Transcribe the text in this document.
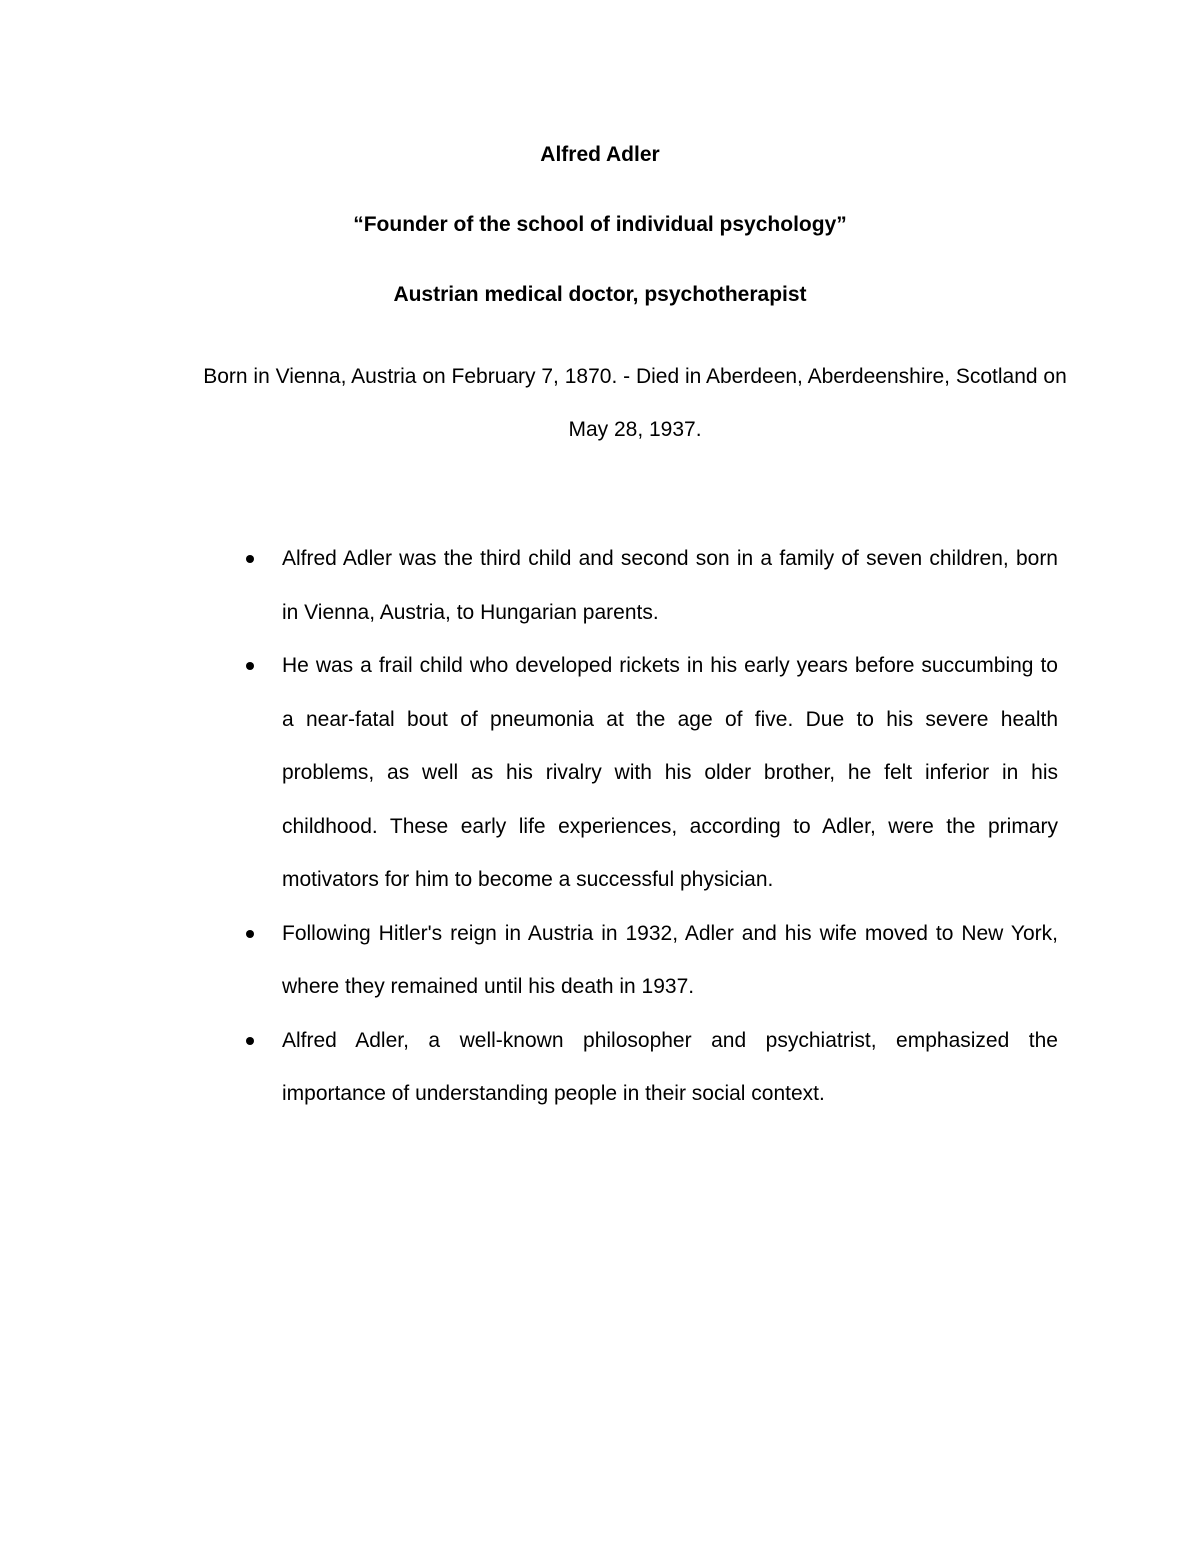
Alfred Adler
“Founder of the school of individual psychology”
Austrian medical doctor, psychotherapist

Born in Vienna, Austria on February 7, 1870. - Died in Aberdeen, Aberdeenshire, Scotland on May 28, 1937.

Alfred Adler was the third child and second son in a family of seven children, born in Vienna, Austria, to Hungarian parents.
He was a frail child who developed rickets in his early years before succumbing to a near-fatal bout of pneumonia at the age of five. Due to his severe health problems, as well as his rivalry with his older brother, he felt inferior in his childhood. These early life experiences, according to Adler, were the primary motivators for him to become a successful physician.
Following Hitler's reign in Austria in 1932, Adler and his wife moved to New York, where they remained until his death in 1937.
Alfred Adler, a well-known philosopher and psychiatrist, emphasized the importance of understanding people in their social context.
